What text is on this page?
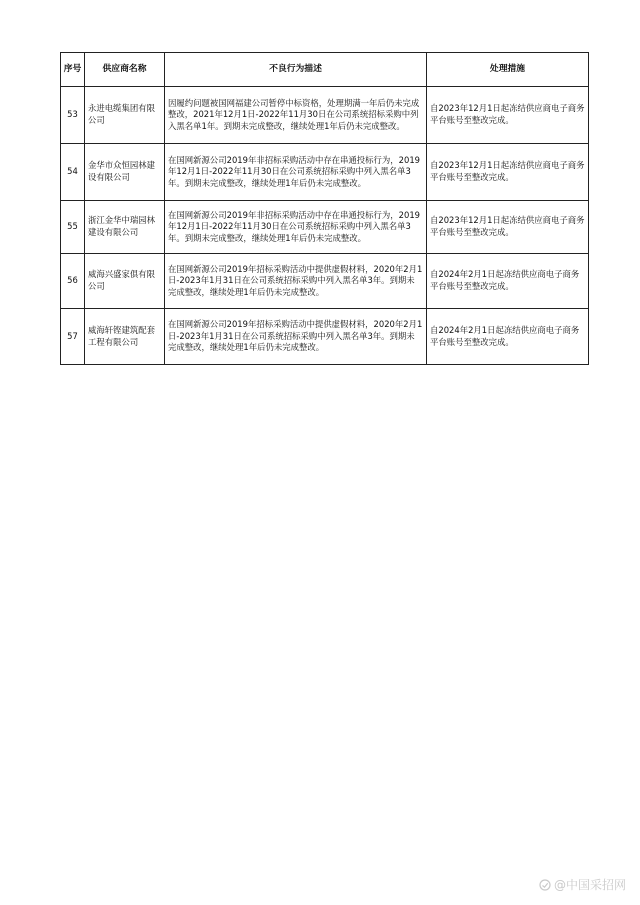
序号	供应商名称	不良行为描述	处理措施
53	永进电缆集团有限公司	因履约问题被国网福建公司暂停中标资格，处理期满一年后仍未完成整改，2021年12月1日-2022年11月30日在公司系统招标采购中列入黑名单1年。到期未完成整改，继续处理1年后仍未完成整改。	自2023年12月1日起冻结供应商电子商务平台账号至整改完成。
54	金华市众恒园林建设有限公司	在国网新源公司2019年非招标采购活动中存在串通投标行为，2019年12月1日-2022年11月30日在公司系统招标采购中列入黑名单3年。到期未完成整改，继续处理1年后仍未完成整改。	自2023年12月1日起冻结供应商电子商务平台账号至整改完成。
55	浙江金华中瑞园林建设有限公司	在国网新源公司2019年非招标采购活动中存在串通投标行为，2019年12月1日-2022年11月30日在公司系统招标采购中列入黑名单3年。到期未完成整改，继续处理1年后仍未完成整改。	自2023年12月1日起冻结供应商电子商务平台账号至整改完成。
56	威海兴盛家俱有限公司	在国网新源公司2019年招标采购活动中提供虚假材料，2020年2月1日-2023年1月31日在公司系统招标采购中列入黑名单3年。到期未完成整改，继续处理1年后仍未完成整改。	自2024年2月1日起冻结供应商电子商务平台账号至整改完成。
57	威海轩铿建筑配套工程有限公司	在国网新源公司2019年招标采购活动中提供虚假材料，2020年2月1日-2023年1月31日在公司系统招标采购中列入黑名单3年。到期未完成整改，继续处理1年后仍未完成整改。	自2024年2月1日起冻结供应商电子商务平台账号至整改完成。
@中国采招网
